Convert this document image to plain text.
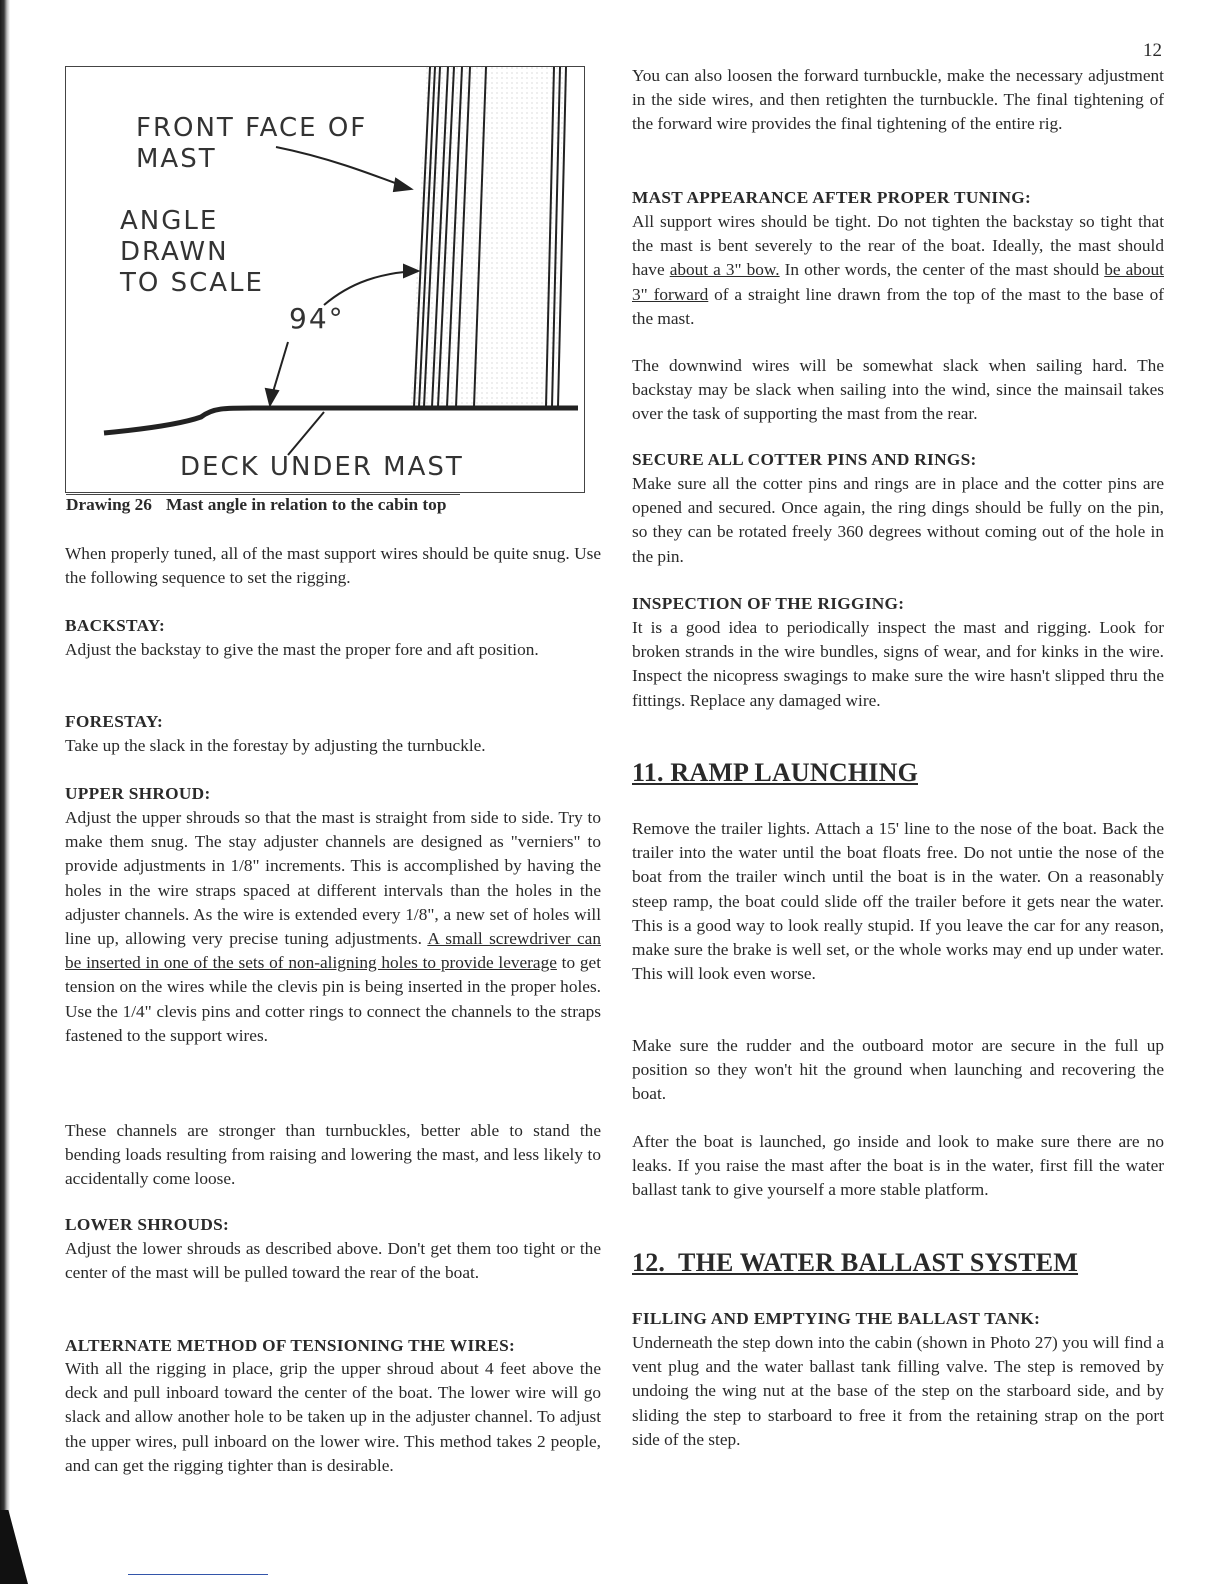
12
FRONT FACE OF
MAST
ANGLE
DRAWN
TO SCALE
94°
DECK UNDER MAST
Drawing 26 Mast angle in relation to the cabin top

When properly tuned, all of the mast support wires should be quite snug. Use the following sequence to set the rigging.

BACKSTAY:

Adjust the backstay to give the mast the proper fore and aft position.

FORESTAY:

Take up the slack in the forestay by adjusting the turnbuckle.

UPPER SHROUD:

Adjust the upper shrouds so that the mast is straight from side to side. Try to make them snug. The stay adjuster channels are designed as "verniers" to provide adjustments in 1/8" increments. This is accomplished by having the holes in the wire straps spaced at different intervals than the holes in the adjuster channels. As the wire is extended every 1/8", a new set of holes will line up, allowing very precise tuning adjustments. A small screwdriver can be inserted in one of the sets of non-aligning holes to provide leverage to get tension on the wires while the clevis pin is being inserted in the proper holes. Use the 1/4" clevis pins and cotter rings to connect the channels to the straps fastened to the support wires.

These channels are stronger than turnbuckles, better able to stand the bending loads resulting from raising and lowering the mast, and less likely to accidentally come loose.

LOWER SHROUDS:

Adjust the lower shrouds as described above. Don't get them too tight or the center of the mast will be pulled toward the rear of the boat.

ALTERNATE METHOD OF TENSIONING THE WIRES:

With all the rigging in place, grip the upper shroud about 4 feet above the deck and pull inboard toward the center of the boat. The lower wire will go slack and allow another hole to be taken up in the adjuster channel. To adjust the upper wires, pull inboard on the lower wire. This method takes 2 people, and can get the rigging tighter than is desirable.

You can also loosen the forward turnbuckle, make the necessary adjustment in the side wires, and then retighten the turnbuckle. The final tightening of the forward wire provides the final tightening of the entire rig.

MAST APPEARANCE AFTER PROPER TUNING:

All support wires should be tight. Do not tighten the backstay so tight that the mast is bent severely to the rear of the boat. Ideally, the mast should have about a 3" bow. In other words, the center of the mast should be about 3" forward of a straight line drawn from the top of the mast to the base of the mast.

The downwind wires will be somewhat slack when sailing hard. The backstay may be slack when sailing into the wind, since the mainsail takes over the task of supporting the mast from the rear.

SECURE ALL COTTER PINS AND RINGS:

Make sure all the cotter pins and rings are in place and the cotter pins are opened and secured. Once again, the ring dings should be fully on the pin, so they can be rotated freely 360 degrees without coming out of the hole in the pin.

INSPECTION OF THE RIGGING:

It is a good idea to periodically inspect the mast and rigging. Look for broken strands in the wire bundles, signs of wear, and for kinks in the wire. Inspect the nicopress swagings to make sure the wire hasn't slipped thru the fittings. Replace any damaged wire.

11. RAMP LAUNCHING

Remove the trailer lights. Attach a 15' line to the nose of the boat. Back the trailer into the water until the boat floats free. Do not untie the nose of the boat from the trailer winch until the boat is in the water. On a reasonably steep ramp, the boat could slide off the trailer before it gets near the water. This is a good way to look really stupid. If you leave the car for any reason, make sure the brake is well set, or the whole works may end up under water. This will look even worse.

Make sure the rudder and the outboard motor are secure in the full up position so they won't hit the ground when launching and recovering the boat.

After the boat is launched, go inside and look to make sure there are no leaks. If you raise the mast after the boat is in the water, first fill the water ballast tank to give yourself a more stable platform.

12.  THE WATER BALLAST SYSTEM

FILLING AND EMPTYING THE BALLAST TANK:

Underneath the step down into the cabin (shown in Photo 27) you will find a vent plug and the water ballast tank filling valve. The step is removed by undoing the wing nut at the base of the step on the starboard side, and by sliding the step to starboard to free it from the retaining strap on the port side of the step.
